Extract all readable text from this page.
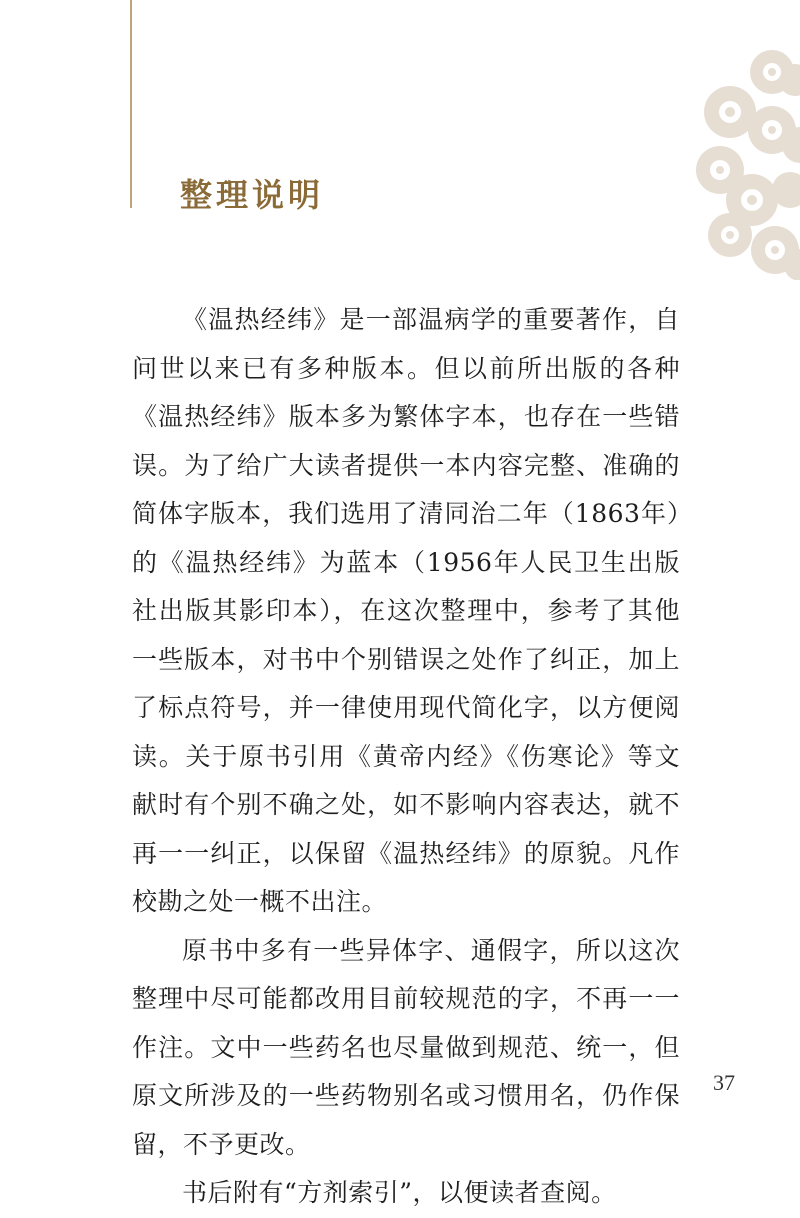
整理说明

《温热经纬》是一部温病学的重要著作，自问世以来已有多种版本。但以前所出版的各种《温热经纬》版本多为繁体字本，也存在一些错误。为了给广大读者提供一本内容完整、准确的简体字版本，我们选用了清同治二年（1863年）的《温热经纬》为蓝本（1956年人民卫生出版社出版其影印本），在这次整理中，参考了其他一些版本，对书中个别错误之处作了纠正，加上了标点符号，并一律使用现代简化字，以方便阅读。关于原书引用《黄帝内经》《伤寒论》等文献时有个别不确之处，如不影响内容表达，就不再一一纠正，以保留《温热经纬》的原貌。凡作校勘之处一概不出注。

原书中多有一些异体字、通假字，所以这次整理中尽可能都改用目前较规范的字，不再一一作注。文中一些药名也尽量做到规范、统一，但原文所涉及的一些药物别名或习惯用名，仍作保留，不予更改。

书后附有“方剂索引”，以便读者查阅。

37
